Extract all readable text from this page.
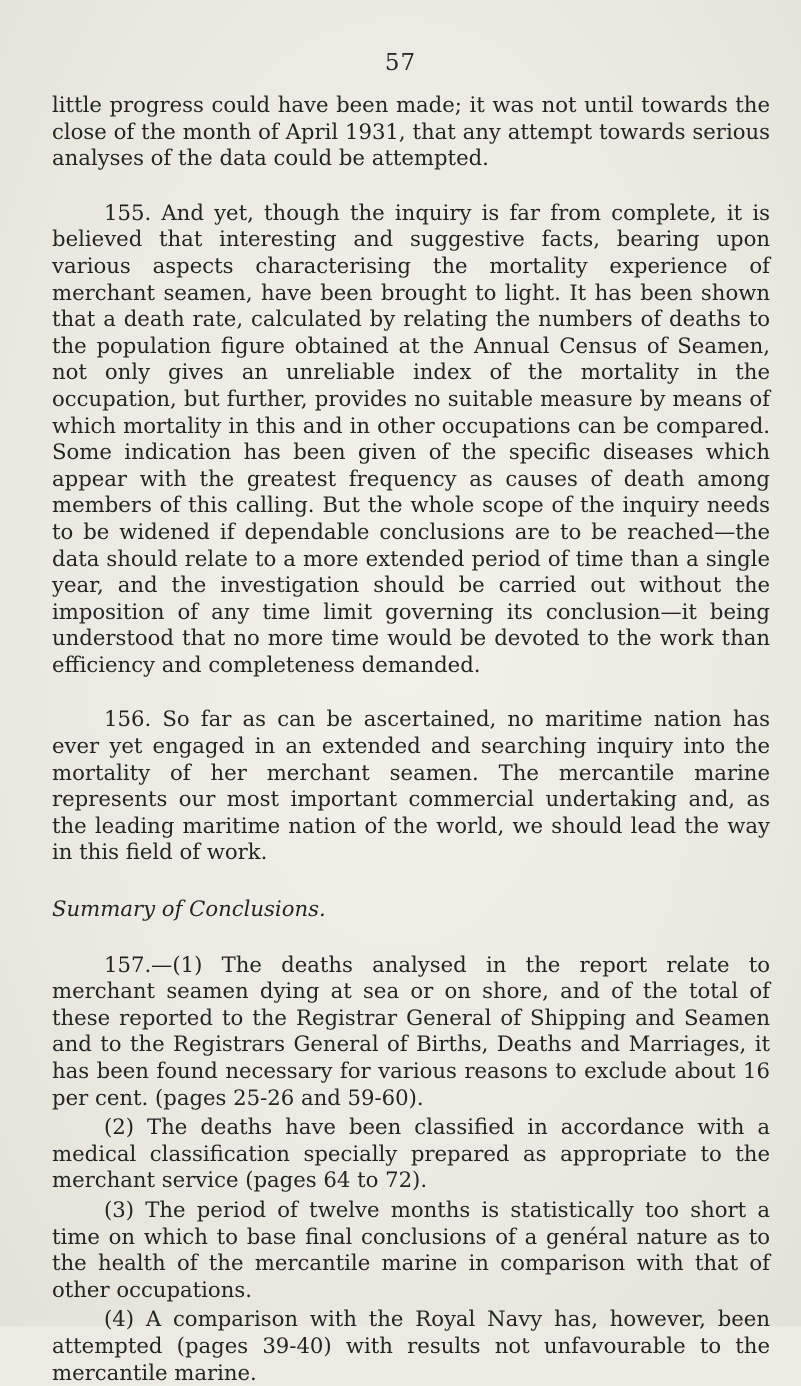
57

little progress could have been made; it was not until towards the close of the month of April 1931, that any attempt towards serious analyses of the data could be attempted.

155. And yet, though the inquiry is far from complete, it is believed that interesting and suggestive facts, bearing upon various aspects characterising the mortality experience of merchant seamen, have been brought to light. It has been shown that a death rate, calculated by relating the numbers of deaths to the population figure obtained at the Annual Census of Seamen, not only gives an unreliable index of the mortality in the occupation, but further, provides no suitable measure by means of which mortality in this and in other occupations can be compared. Some indication has been given of the specific diseases which appear with the greatest frequency as causes of death among members of this calling. But the whole scope of the inquiry needs to be widened if dependable conclusions are to be reached—the data should relate to a more extended period of time than a single year, and the investigation should be carried out without the imposition of any time limit governing its conclusion—it being understood that no more time would be devoted to the work than efficiency and completeness demanded.

156. So far as can be ascertained, no maritime nation has ever yet engaged in an extended and searching inquiry into the mortality of her merchant seamen. The mercantile marine represents our most important commercial undertaking and, as the leading maritime nation of the world, we should lead the way in this field of work.

Summary of Conclusions.

157.—(1) The deaths analysed in the report relate to merchant seamen dying at sea or on shore, and of the total of these reported to the Registrar General of Shipping and Seamen and to the Registrars General of Births, Deaths and Marriages, it has been found necessary for various reasons to exclude about 16 per cent. (pages 25-26 and 59-60).

(2) The deaths have been classified in accordance with a medical classification specially prepared as appropriate to the merchant service (pages 64 to 72).

(3) The period of twelve months is statistically too short a time on which to base final conclusions of a genéral nature as to the health of the mercantile marine in comparison with that of other occupations.

(4) A comparison with the Royal Navy has, however, been attempted (pages 39-40) with results not unfavourable to the mercantile marine.
